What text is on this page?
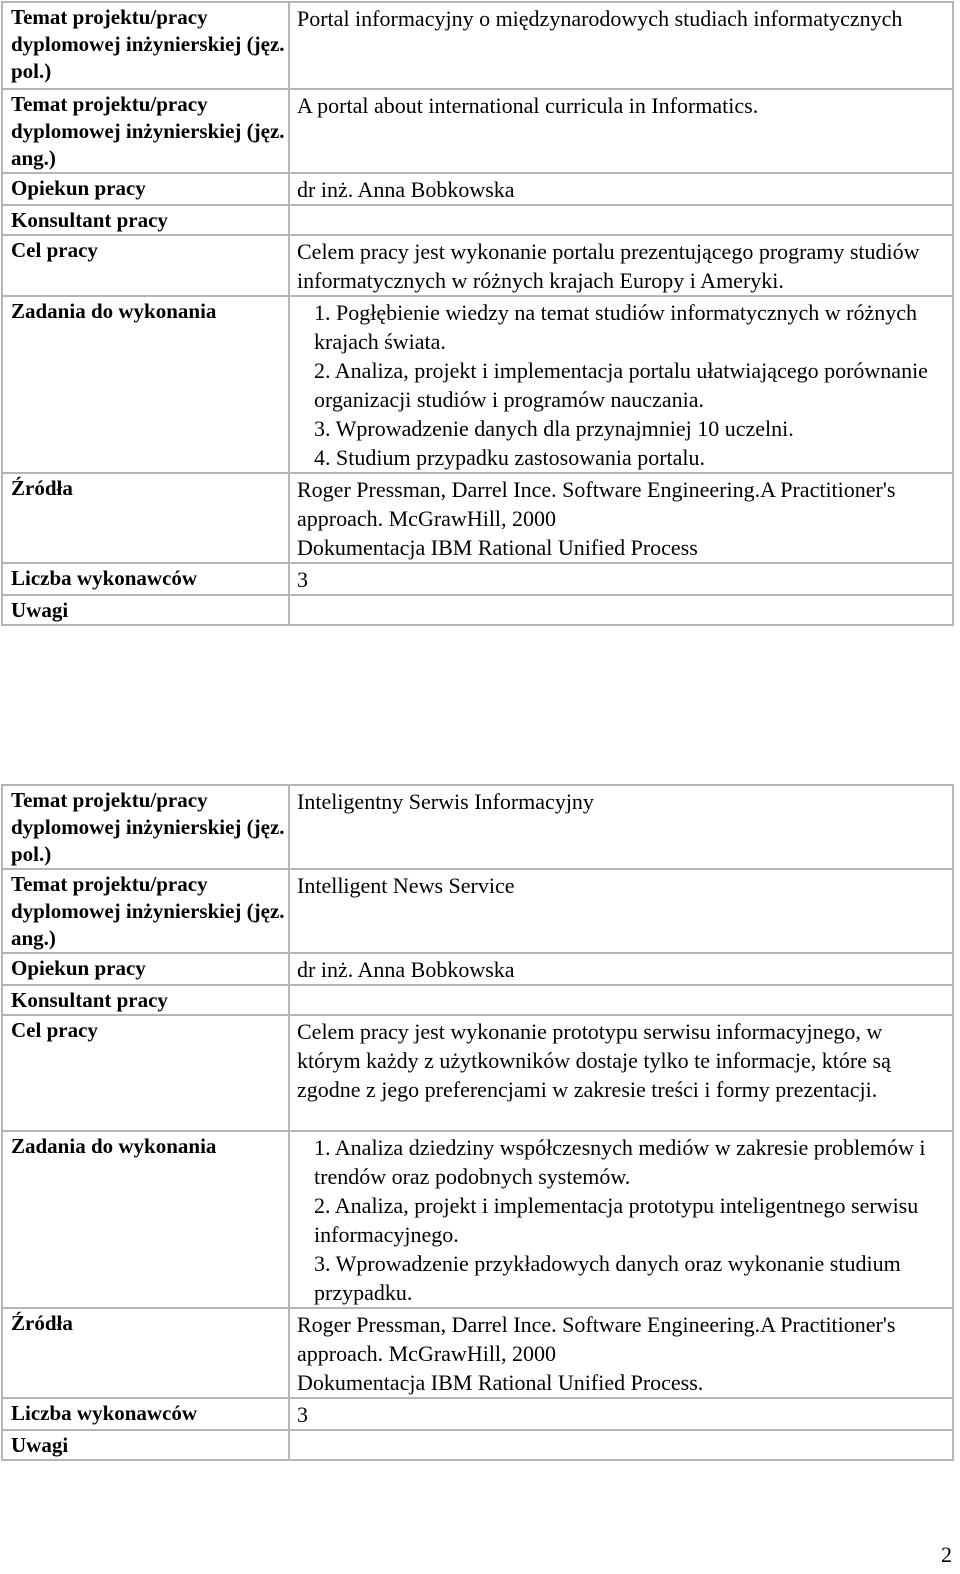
Temat projektu/pracy dyplomowej inżynierskiej (jęz. pol.)	Portal informacyjny o międzynarodowych studiach informatycznych
Temat projektu/pracy dyplomowej inżynierskiej (jęz. ang.)	A portal about international curricula in Informatics.
Opiekun pracy	dr inż. Anna Bobkowska
Konsultant pracy	
Cel pracy	Celem pracy jest wykonanie portalu prezentującego programy studiów informatycznych w różnych krajach Europy i Ameryki.
Zadania do wykonania	1. Pogłębienie wiedzy na temat studiów informatycznych w różnych krajach świata.
2. Analiza, projekt i implementacja portalu ułatwiającego porównanie organizacji studiów i programów nauczania.
3. Wprowadzenie danych dla przynajmniej 10 uczelni.
4. Studium przypadku zastosowania portalu.

Źródła	Roger Pressman, Darrel Ince. Software Engineering.A Practitioner's approach. McGrawHill, 2000
Dokumentacja IBM Rational Unified Process

Liczba wykonawców	3
Uwagi	
Temat projektu/pracy dyplomowej inżynierskiej (jęz. pol.)	Inteligentny Serwis Informacyjny
Temat projektu/pracy dyplomowej inżynierskiej (jęz. ang.)	Intelligent News Service
Opiekun pracy	dr inż. Anna Bobkowska
Konsultant pracy	
Cel pracy	Celem pracy jest wykonanie prototypu serwisu informacyjnego, w którym każdy z użytkowników dostaje tylko te informacje, które są zgodne z jego preferencjami w zakresie treści i formy prezentacji.
Zadania do wykonania	1. Analiza dziedziny współczesnych mediów w zakresie problemów i trendów oraz podobnych systemów.
2. Analiza, projekt i implementacja prototypu inteligentnego serwisu informacyjnego.
3. Wprowadzenie przykładowych danych oraz wykonanie studium przypadku.

Źródła	Roger Pressman, Darrel Ince. Software Engineering.A Practitioner's approach. McGrawHill, 2000
Dokumentacja IBM Rational Unified Process.

Liczba wykonawców	3
Uwagi	
2
